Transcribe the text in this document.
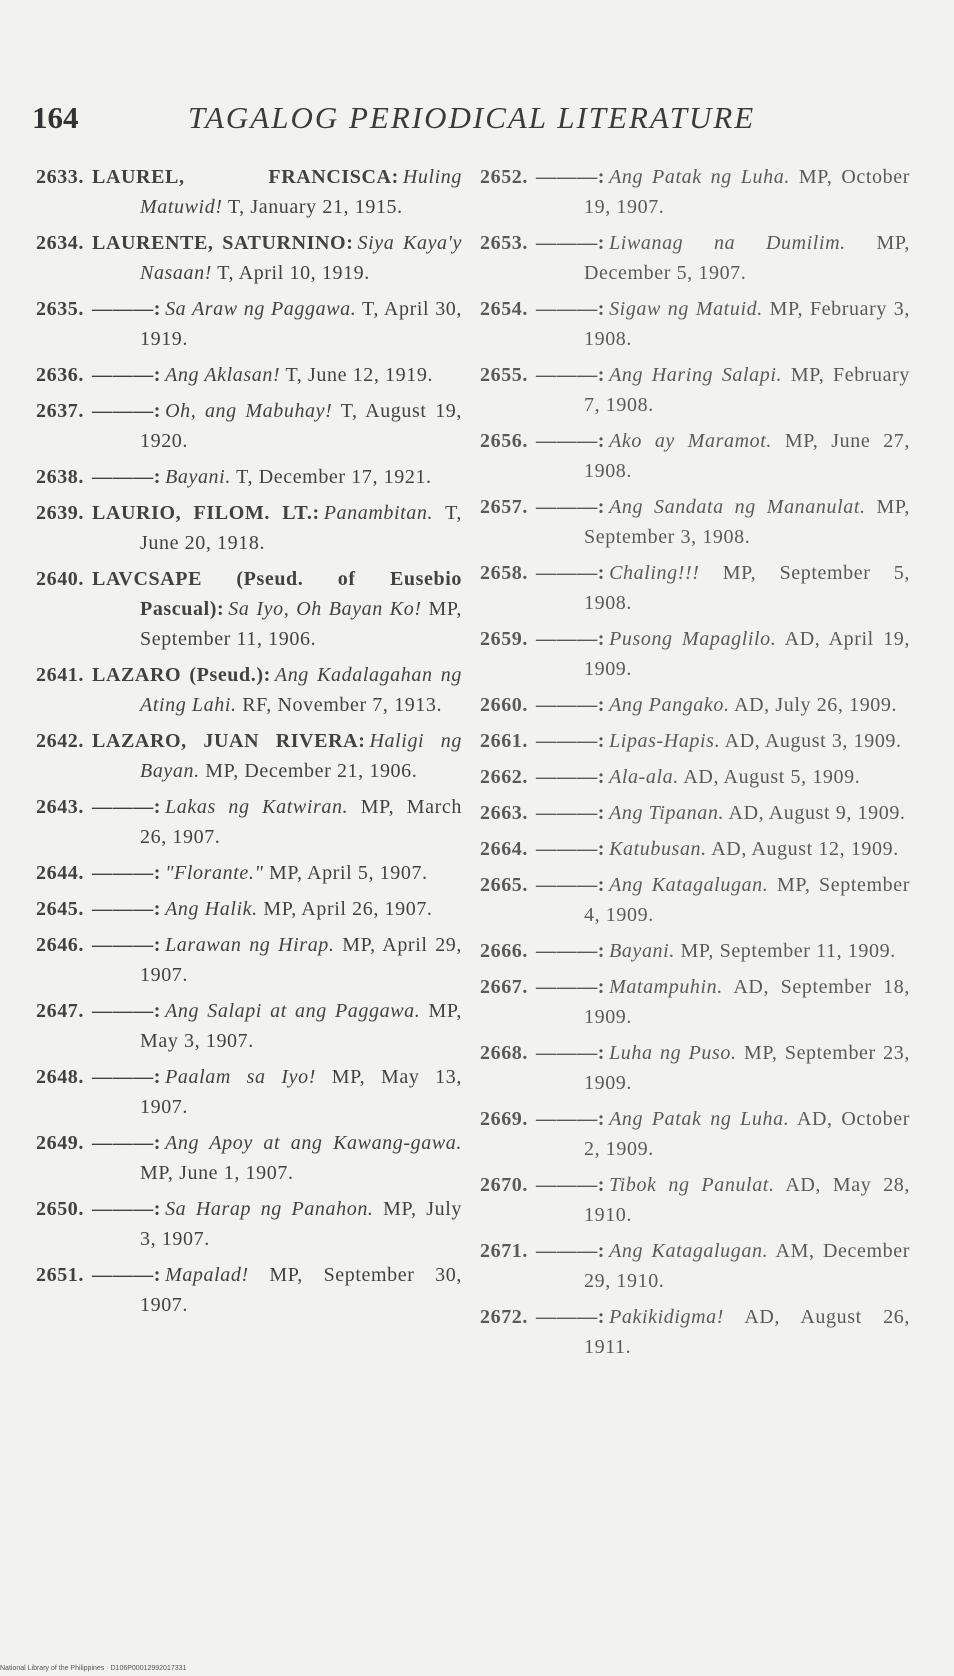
164	TAGALOG PERIODICAL LITERATURE
2633. LAUREL, FRANCISCA: Huling Matuwid! T, January 21, 1915.
2634. LAURENTE, SATURNINO: Siya Kaya'y Nasaan! T, April 10, 1919.
2635. ———: Sa Araw ng Paggawa. T, April 30, 1919.
2636. ———: Ang Aklasan! T, June 12, 1919.
2637. ———: Oh, ang Mabuhay! T, August 19, 1920.
2638. ———: Bayani. T, December 17, 1921.
2639. LAURIO, FILOM. LT.: Panambitan. T, June 20, 1918.
2640. LAVCSAPE (Pseud. of Eusebio Pascual): Sa Iyo, Oh Bayan Ko! MP, September 11, 1906.
2641. LAZARO (Pseud.): Ang Kadalagahan ng Ating Lahi. RF, November 7, 1913.
2642. LAZARO, JUAN RIVERA: Haligi ng Bayan. MP, December 21, 1906.
2643. ———: Lakas ng Katwiran. MP, March 26, 1907.
2644. ———: "Florante." MP, April 5, 1907.
2645. ———: Ang Halik. MP, April 26, 1907.
2646. ———: Larawan ng Hirap. MP, April 29, 1907.
2647. ———: Ang Salapi at ang Paggawa. MP, May 3, 1907.
2648. ———: Paalam sa Iyo! MP, May 13, 1907.
2649. ———: Ang Apoy at ang Kawang-gawa. MP, June 1, 1907.
2650. ———: Sa Harap ng Panahon. MP, July 3, 1907.
2651. ———: Mapalad! MP, September 30, 1907.
2652. ———: Ang Patak ng Luha. MP, October 19, 1907.
2653. ———: Liwanag na Dumilim. MP, December 5, 1907.
2654. ———: Sigaw ng Matuid. MP, February 3, 1908.
2655. ———: Ang Haring Salapi. MP, February 7, 1908.
2656. ———: Ako ay Maramot. MP, June 27, 1908.
2657. ———: Ang Sandata ng Mananulat. MP, September 3, 1908.
2658. ———: Chaling!!! MP, September 5, 1908.
2659. ———: Pusong Mapaglilo. AD, April 19, 1909.
2660. ———: Ang Pangako. AD, July 26, 1909.
2661. ———: Lipas-Hapis. AD, August 3, 1909.
2662. ———: Ala-ala. AD, August 5, 1909.
2663. ———: Ang Tipanan. AD, August 9, 1909.
2664. ———: Katubusan. AD, August 12, 1909.
2665. ———: Ang Katagalugan. MP, September 4, 1909.
2666. ———: Bayani. MP, September 11, 1909.
2667. ———: Matampuhin. AD, September 18, 1909.
2668. ———: Luha ng Puso. MP, September 23, 1909.
2669. ———: Ang Patak ng Luha. AD, October 2, 1909.
2670. ———: Tibok ng Panulat. AD, May 28, 1910.
2671. ———: Ang Katagalugan. AM, December 29, 1910.
2672. ———: Pakikidigma! AD, August 26, 1911.
National Library of the Philippines · D106P00012992017331
